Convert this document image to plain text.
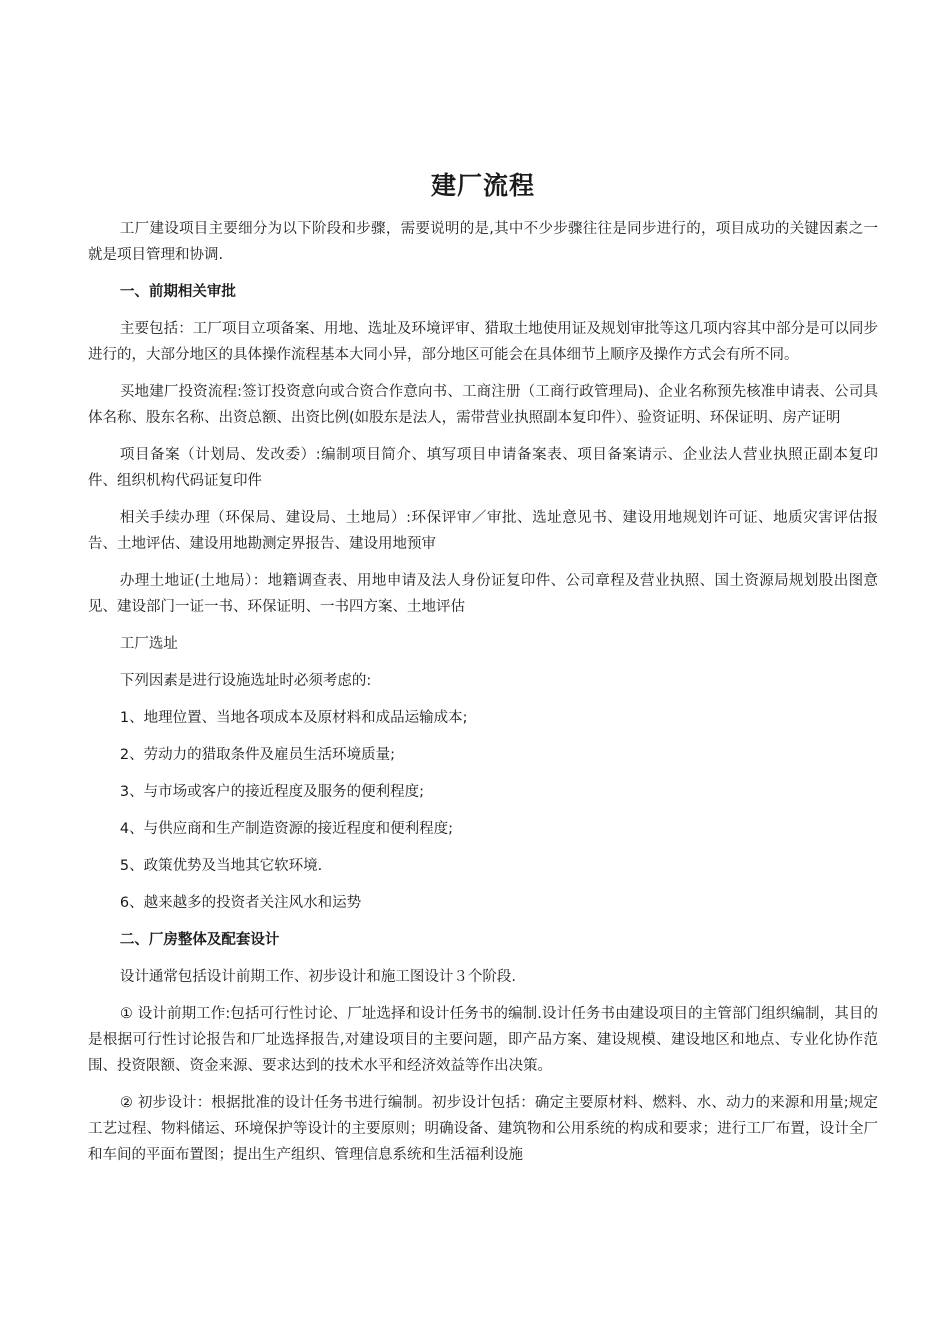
建厂流程

工厂建设项目主要细分为以下阶段和步骤，需要说明的是,其中不少步骤往往是同步进行的，项目成功的关键因素之一就是项目管理和协调.

一、前期相关审批

主要包括：工厂项目立项备案、用地、选址及环境评审、猎取土地使用证及规划审批等这几项内容其中部分是可以同步进行的，大部分地区的具体操作流程基本大同小异，部分地区可能会在具体细节上顺序及操作方式会有所不同。

买地建厂投资流程:签订投资意向或合资合作意向书、工商注册（工商行政管理局)、企业名称预先核准申请表、公司具体名称、股东名称、出资总额、出资比例(如股东是法人，需带营业执照副本复印件）、验资证明、环保证明、房产证明

项目备案（计划局、发改委）:编制项目简介、填写项目申请备案表、项目备案请示、企业法人营业执照正副本复印件、组织机构代码证复印件

相关手续办理（环保局、建设局、土地局）:环保评审／审批、选址意见书、建设用地规划许可证、地质灾害评估报告、土地评估、建设用地勘测定界报告、建设用地预审

办理土地证(土地局）：地籍调查表、用地申请及法人身份证复印件、公司章程及营业执照、国土资源局规划股出图意见、建设部门一证一书、环保证明、一书四方案、土地评估

工厂选址

下列因素是进行设施选址时必须考虑的:

1、地理位置、当地各项成本及原材料和成品运输成本;

2、劳动力的猎取条件及雇员生活环境质量;

3、与市场或客户的接近程度及服务的便利程度;

4、与供应商和生产制造资源的接近程度和便利程度;

5、政策优势及当地其它软环境.

6、越来越多的投资者关注风水和运势

二、厂房整体及配套设计

设计通常包括设计前期工作、初步设计和施工图设计３个阶段.

① 设计前期工作:包括可行性讨论、厂址选择和设计任务书的编制.设计任务书由建设项目的主管部门组织编制，其目的是根据可行性讨论报告和厂址选择报告,对建设项目的主要问题，即产品方案、建设规模、建设地区和地点、专业化协作范围、投资限额、资金来源、要求达到的技术水平和经济效益等作出决策。

② 初步设计：根据批准的设计任务书进行编制。初步设计包括：确定主要原材料、燃料、水、动力的来源和用量;规定工艺过程、物料储运、环境保护等设计的主要原则；明确设备、建筑物和公用系统的构成和要求；进行工厂布置，设计全厂和车间的平面布置图；提出生产组织、管理信息系统和生活福利设施
